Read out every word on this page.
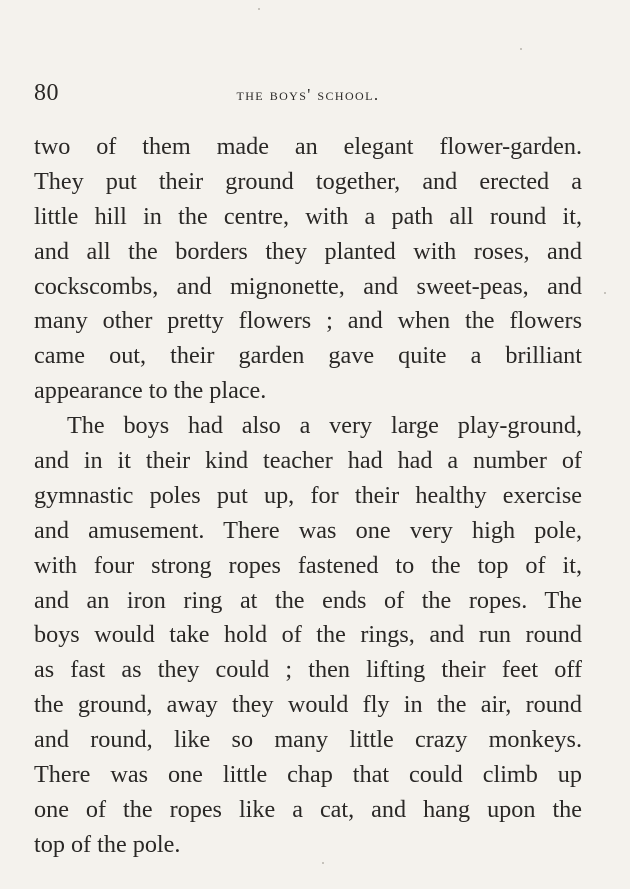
80	the boys' school.
two of them made an elegant flower-garden.
They put their ground together, and erected a
little hill in the centre, with a path all round it,
and all the borders they planted with roses, and
cockscombs, and mignonette, and sweet-peas, and
many other pretty flowers ; and when the flowers
came out, their garden gave quite a brilliant
appearance to the place.
The boys had also a very large play-ground,
and in it their kind teacher had had a number of
gymnastic poles put up, for their healthy exercise
and amusement. There was one very high pole,
with four strong ropes fastened to the top of it,
and an iron ring at the ends of the ropes. The
boys would take hold of the rings, and run round
as fast as they could ; then lifting their feet off
the ground, away they would fly in the air, round
and round, like so many little crazy monkeys.
There was one little chap that could climb up
one of the ropes like a cat, and hang upon the
top of the pole.
